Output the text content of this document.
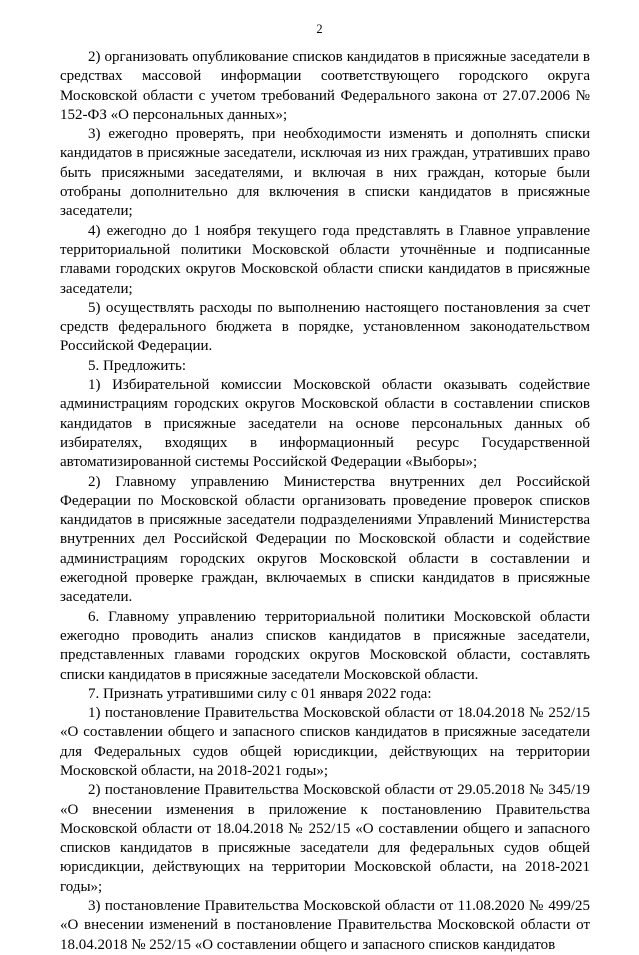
2

2) организовать опубликование списков кандидатов в присяжные заседатели в средствах массовой информации соответствующего городского округа Московской области с учетом требований Федерального закона от 27.07.2006 № 152-ФЗ «О персональных данных»;

3) ежегодно проверять, при необходимости изменять и дополнять списки кандидатов в присяжные заседатели, исключая из них граждан, утративших право быть присяжными заседателями, и включая в них граждан, которые были отобраны дополнительно для включения в списки кандидатов в присяжные заседатели;

4) ежегодно до 1 ноября текущего года представлять в Главное управление территориальной политики Московской области уточнённые и подписанные главами городских округов Московской области списки кандидатов в присяжные заседатели;

5) осуществлять расходы по выполнению настоящего постановления за счет средств федерального бюджета в порядке, установленном законодательством Российской Федерации.

5. Предложить:

1) Избирательной комиссии Московской области оказывать содействие администрациям городских округов Московской области в составлении списков кандидатов в присяжные заседатели на основе персональных данных об избирателях, входящих в информационный ресурс Государственной автоматизированной системы Российской Федерации «Выборы»;

2) Главному управлению Министерства внутренних дел Российской Федерации по Московской области организовать проведение проверок списков кандидатов в присяжные заседатели подразделениями Управлений Министерства внутренних дел Российской Федерации по Московской области и содействие администрациям городских округов Московской области в составлении и ежегодной проверке граждан, включаемых в списки кандидатов в присяжные заседатели.

6. Главному управлению территориальной политики Московской области ежегодно проводить анализ списков кандидатов в присяжные заседатели, представленных главами городских округов Московской области, составлять списки кандидатов в присяжные заседатели Московской области.

7. Признать утратившими силу с 01 января 2022 года:

1) постановление Правительства Московской области от 18.04.2018 № 252/15 «О составлении общего и запасного списков кандидатов в присяжные заседатели для Федеральных судов общей юрисдикции, действующих на территории Московской области, на 2018-2021 годы»;

2) постановление Правительства Московской области от 29.05.2018 № 345/19 «О внесении изменения в приложение к постановлению Правительства Московской области от 18.04.2018 № 252/15 «О составлении общего и запасного списков кандидатов в присяжные заседатели для федеральных судов общей юрисдикции, действующих на территории Московской области, на 2018-2021 годы»;

3) постановление Правительства Московской области от 11.08.2020 № 499/25 «О внесении изменений в постановление Правительства Московской области от 18.04.2018 № 252/15 «О составлении общего и запасного списков кандидатов
